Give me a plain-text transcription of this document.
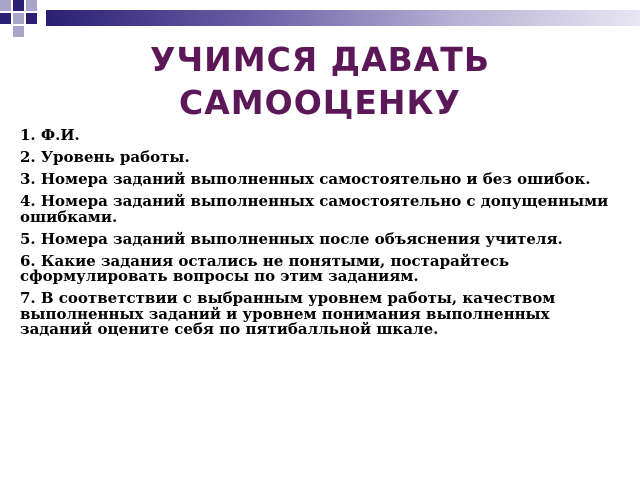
УЧИМСЯ ДАВАТЬ
САМООЦЕНКУ
1. Ф.И.
2. Уровень работы.
3. Номера заданий выполненных самостоятельно и без ошибок.
4. Номера заданий выполненных самостоятельно с допущенными ошибками.
5. Номера заданий выполненных после объяснения учителя.
6. Какие задания остались не понятыми, постарайтесь сформулировать вопросы по этим заданиям.
7. В соответствии с выбранным уровнем работы, качеством выполненных заданий и уровнем понимания выполненных заданий оцените себя по пятибалльной шкале.
